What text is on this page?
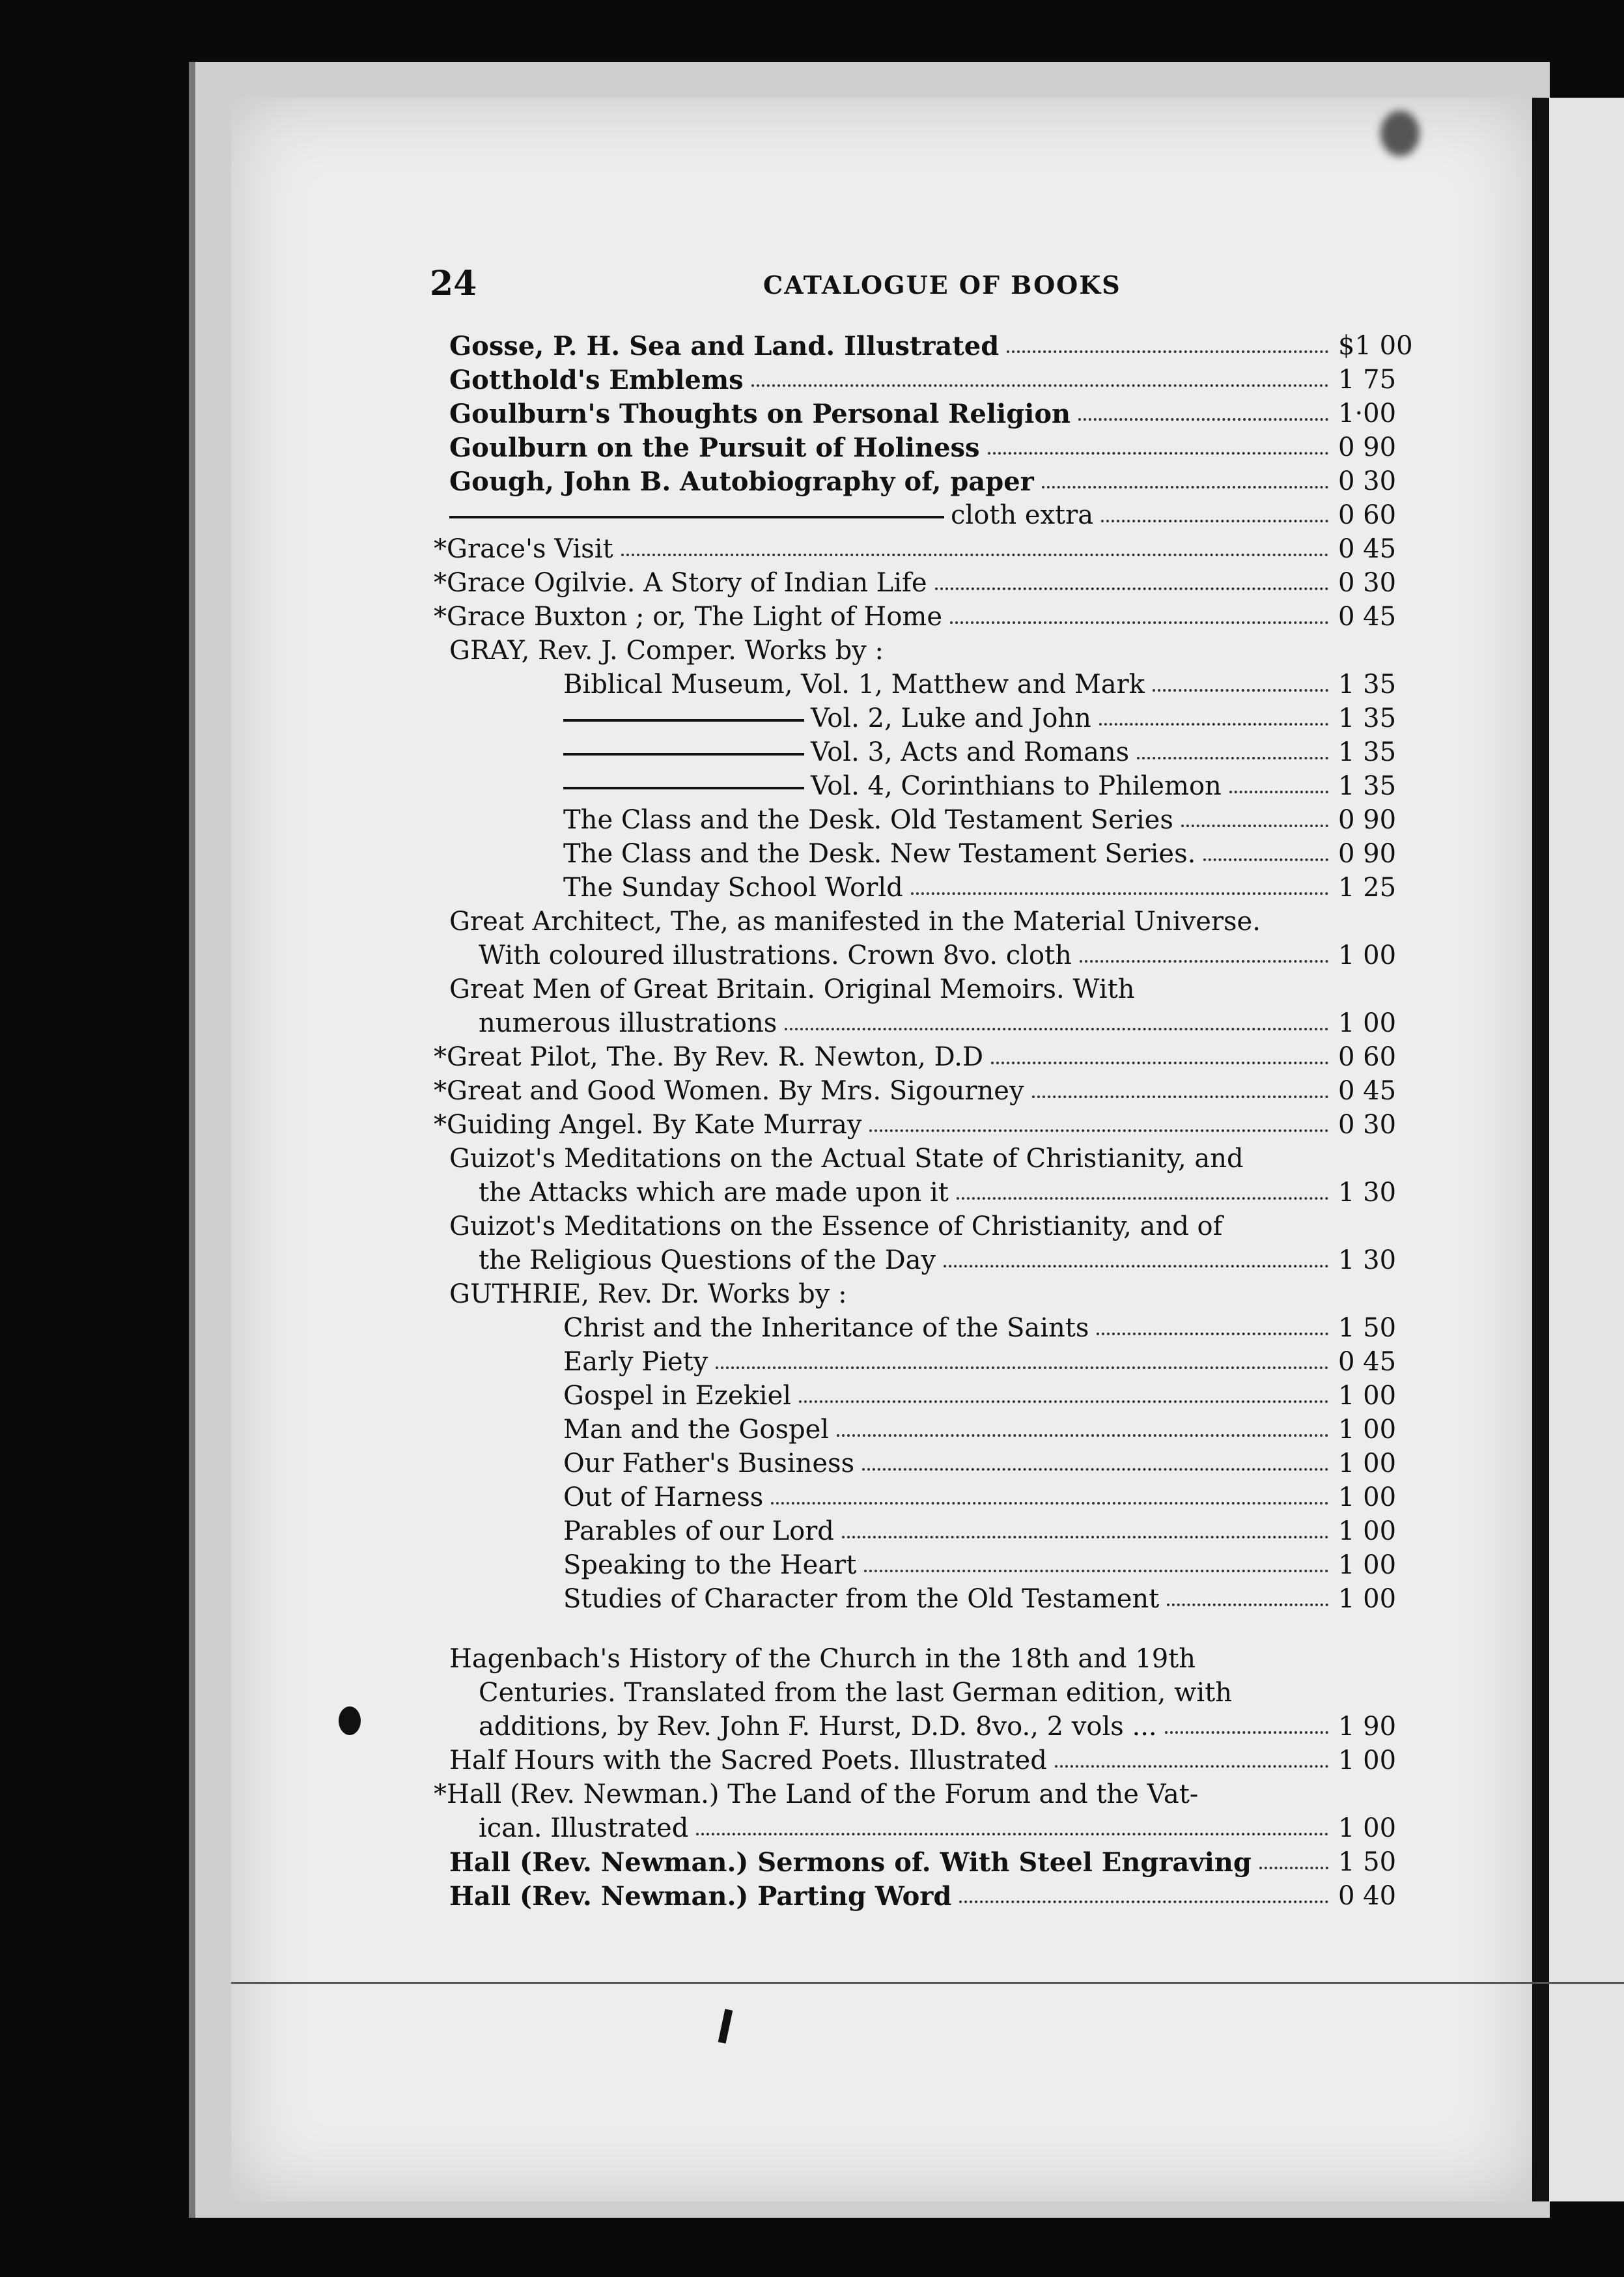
24	CATALOGUE OF BOOKS
Gosse, P. H. Sea and Land. Illustrated	$1 00
Gotthold's Emblems	1 75
Goulburn's Thoughts on Personal Religion	1·00
Goulburn on the Pursuit of Holiness	0 90
Gough, John B. Autobiography of, paper	0 30
cloth extra	0 60
*Grace's Visit	0 45
*Grace Ogilvie. A Story of Indian Life	0 30
*Grace Buxton ; or, The Light of Home	0 45
GRAY, Rev. J. Comper. Works by :
Biblical Museum, Vol. 1, Matthew and Mark	1 35
Vol. 2, Luke and John	1 35
Vol. 3, Acts and Romans	1 35
Vol. 4, Corinthians to Philemon	1 35
The Class and the Desk. Old Testament Series	0 90
The Class and the Desk. New Testament Series.	0 90
The Sunday School World	1 25
Great Architect, The, as manifested in the Material Universe.
With coloured illustrations. Crown 8vo. cloth	1 00
Great Men of Great Britain. Original Memoirs. With
numerous illustrations	1 00
*Great Pilot, The. By Rev. R. Newton, D.D	0 60
*Great and Good Women. By Mrs. Sigourney	0 45
*Guiding Angel. By Kate Murray	0 30
Guizot's Meditations on the Actual State of Christianity, and
the Attacks which are made upon it	1 30
Guizot's Meditations on the Essence of Christianity, and of
the Religious Questions of the Day	1 30
GUTHRIE, Rev. Dr. Works by :
Christ and the Inheritance of the Saints	1 50
Early Piety	0 45
Gospel in Ezekiel	1 00
Man and the Gospel	1 00
Our Father's Business	1 00
Out of Harness	1 00
Parables of our Lord	1 00
Speaking to the Heart	1 00
Studies of Character from the Old Testament	1 00
Hagenbach's History of the Church in the 18th and 19th
Centuries. Translated from the last German edition, with
additions, by Rev. John F. Hurst, D.D. 8vo., 2 vols ...	1 90
Half Hours with the Sacred Poets. Illustrated	1 00
*Hall (Rev. Newman.) The Land of the Forum and the Vat-
ican. Illustrated	1 00
Hall (Rev. Newman.) Sermons of. With Steel Engraving	1 50
Hall (Rev. Newman.) Parting Word	0 40
